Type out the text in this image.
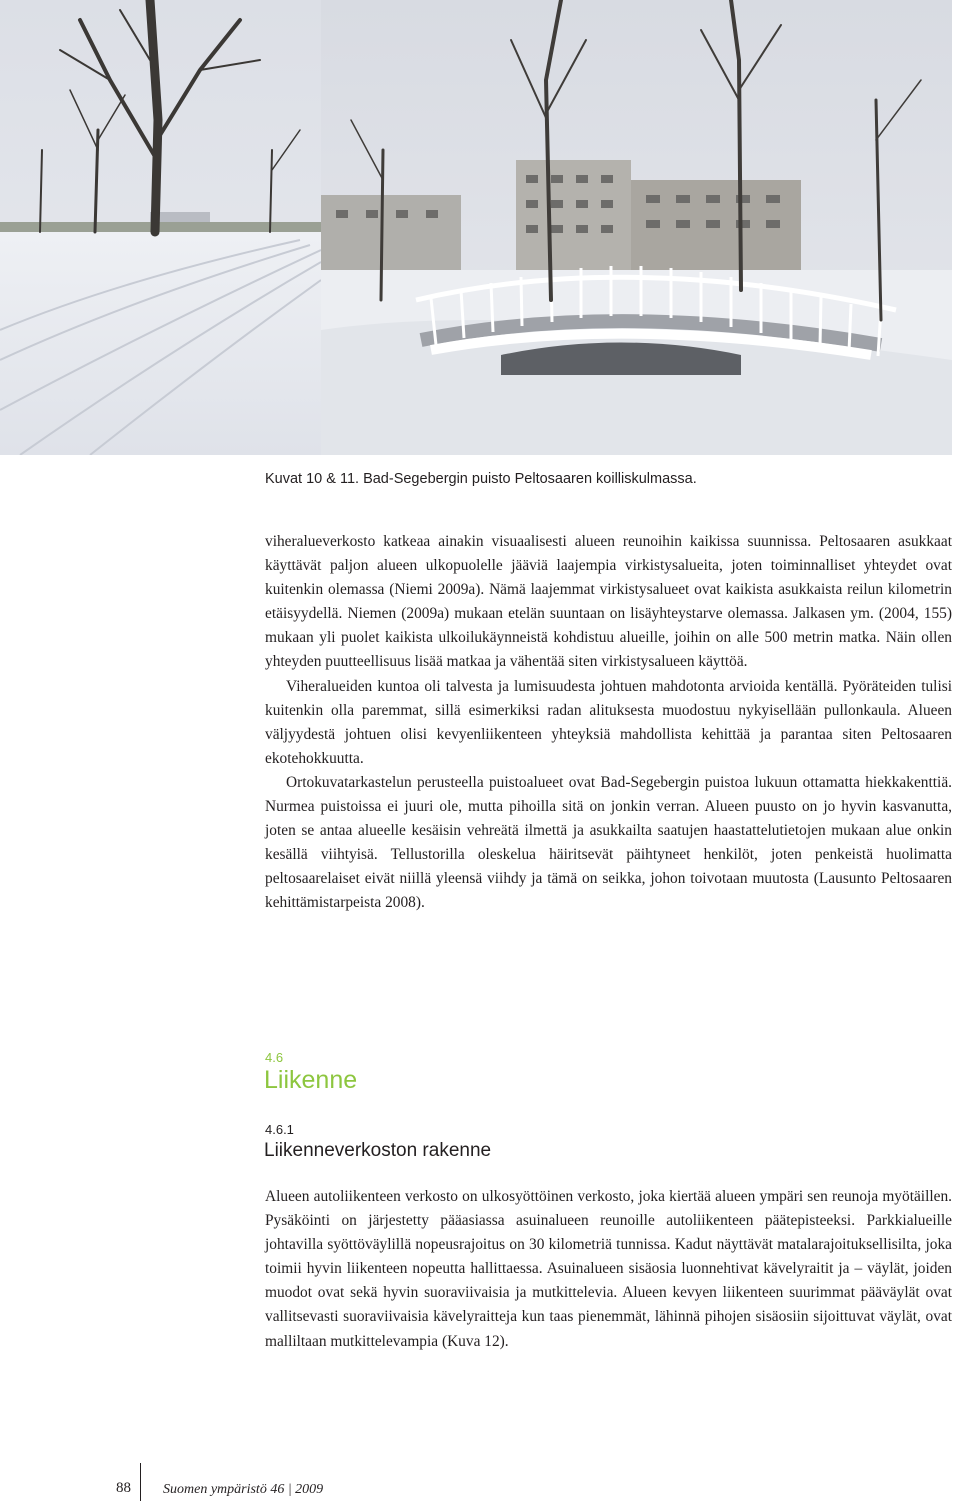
Kuvat 10 & 11. Bad-Segebergin puisto Peltosaaren koilliskulmassa.

viheralueverkosto katkeaa ainakin visuaalisesti alueen reunoihin kaikissa suunnissa. Peltosaaren asukkaat käyttävät paljon alueen ulkopuolelle jääviä laajempia virkistysalueita, joten toiminnalliset yhteydet ovat kuitenkin olemassa (Niemi 2009a). Nämä laajemmat virkistysalueet ovat kaikista asukkaista reilun kilometrin etäisyydellä. Niemen (2009a) mukaan etelän suuntaan on lisäyhteystarve olemassa. Jalkasen ym. (2004, 155) mukaan yli puolet kaikista ulkoilukäynneistä kohdistuu alueille, joihin on alle 500 metrin matka. Näin ollen yhteyden puutteellisuus lisää matkaa ja vähentää siten virkistysalueen käyttöä.

Viheralueiden kuntoa oli talvesta ja lumisuudesta johtuen mahdotonta arvioida kentällä. Pyöräteiden tulisi kuitenkin olla paremmat, sillä esimerkiksi radan alituksesta muodostuu nykyisellään pullonkaula. Alueen väljyydestä johtuen olisi kevyenliikenteen yhteyksiä mahdollista kehittää ja parantaa siten Peltosaaren ekotehokkuutta.

Ortokuvatarkastelun perusteella puistoalueet ovat Bad-Segebergin puistoa lukuun ottamatta hiekkakenttiä. Nurmea puistoissa ei juuri ole, mutta pihoilla sitä on jonkin verran. Alueen puusto on jo hyvin kasvanutta, joten se antaa alueelle kesäisin vehreätä ilmettä ja asukkailta saatujen haastattelutietojen mukaan alue onkin kesällä viihtyisä. Tellustorilla oleskelua häiritsevät päihtyneet henkilöt, joten penkeistä huolimatta peltosaarelaiset eivät niillä yleensä viihdy ja tämä on seikka, johon toivotaan muutosta (Lausunto Peltosaaren kehittämistarpeista 2008).

4.6
Liikenne
4.6.1
Liikenneverkoston rakenne

Alueen autoliikenteen verkosto on ulkosyöttöinen verkosto, joka kiertää alueen ympäri sen reunoja myötäillen. Pysäköinti on järjestetty pääasiassa asuinalueen reunoille autoliikenteen päätepisteeksi. Parkkialueille johtavilla syöttöväylillä nopeusrajoitus on 30 kilometriä tunnissa. Kadut näyttävät matalarajoituksellisilta, joka toimii hyvin liikenteen nopeutta hallittaessa. Asuinalueen sisäosia luonnehtivat kävelyraitit ja – väylät, joiden muodot ovat sekä hyvin suoraviivaisia ja mutkittelevia. Alueen kevyen liikenteen suurimmat pääväylät ovat vallitsevasti suoraviivaisia kävelyraitteja kun taas pienemmät, lähinnä pihojen sisäosiin sijoittuvat väylät, ovat malliltaan mutkittelevampia (Kuva 12).

88 Suomen ympäristö 46 | 2009
